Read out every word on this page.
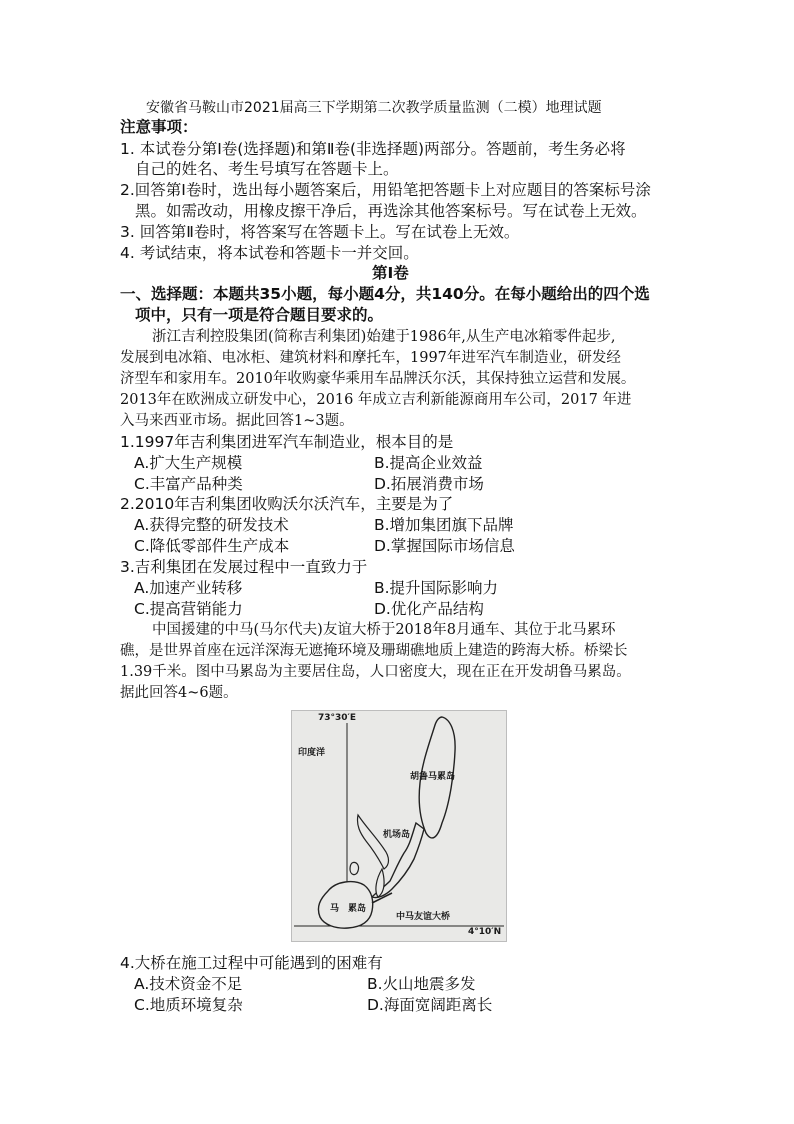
安徽省马鞍山市2021届高三下学期第二次教学质量监测（二模）地理试题
注意事项：
1. 本试卷分第Ⅰ卷(选择题)和第Ⅱ卷(非选择题)两部分。答题前，考生务必将
自己的姓名、考生号填写在答题卡上。
2.回答第Ⅰ卷时，选出每小题答案后，用铅笔把答题卡上对应题目的答案标号涂
黑。如需改动，用橡皮擦干净后，再选涂其他答案标号。写在试卷上无效。
3. 回答第Ⅱ卷时，将答案写在答题卡上。写在试卷上无效。
4. 考试结束，将本试卷和答题卡一并交回。
第Ⅰ卷
一、选择题：本题共35小题，每小题4分，共140分。在每小题给出的四个选
项中，只有一项是符合题目要求的。
浙江吉利控股集团(简称吉利集团)始建于1986年,从生产电冰箱零件起步,
发展到电冰箱、电冰柜、建筑材料和摩托车，1997年进军汽车制造业，研发经
济型车和家用车。2010年收购豪华乘用车品牌沃尔沃，其保持独立运营和发展。
2013年在欧洲成立研发中心，2016 年成立吉利新能源商用车公司，2017 年进
入马来西亚市场。据此回答1~3题。
1.1997年吉利集团进军汽车制造业，根本目的是
A.扩大生产规模	B.提高企业效益
C.丰富产品种类	D.拓展消费市场
2.2010年吉利集团收购沃尔沃汽车，主要是为了
A.获得完整的研发技术	B.增加集团旗下品牌
C.降低零部件生产成本	D.掌握国际市场信息
3.吉利集团在发展过程中一直致力于
A.加速产业转移	B.提升国际影响力
C.提高营销能力	D.优化产品结构
中国援建的中马(马尔代夫)友谊大桥于2018年8月通车、其位于北马累环
礁，是世界首座在远洋深海无遮掩环境及珊瑚礁地质上建造的跨海大桥。桥梁长
1.39千米。图中马累岛为主要居住岛，人口密度大，现在正在开发胡鲁马累岛。
据此回答4~6题。
73°30′E
印度洋
胡鲁马累岛
机场岛
马 累岛
中马友谊大桥
4°10′N
4.大桥在施工过程中可能遇到的困难有
A.技术资金不足	B.火山地震多发
C.地质环境复杂	D.海面宽阔距离长
